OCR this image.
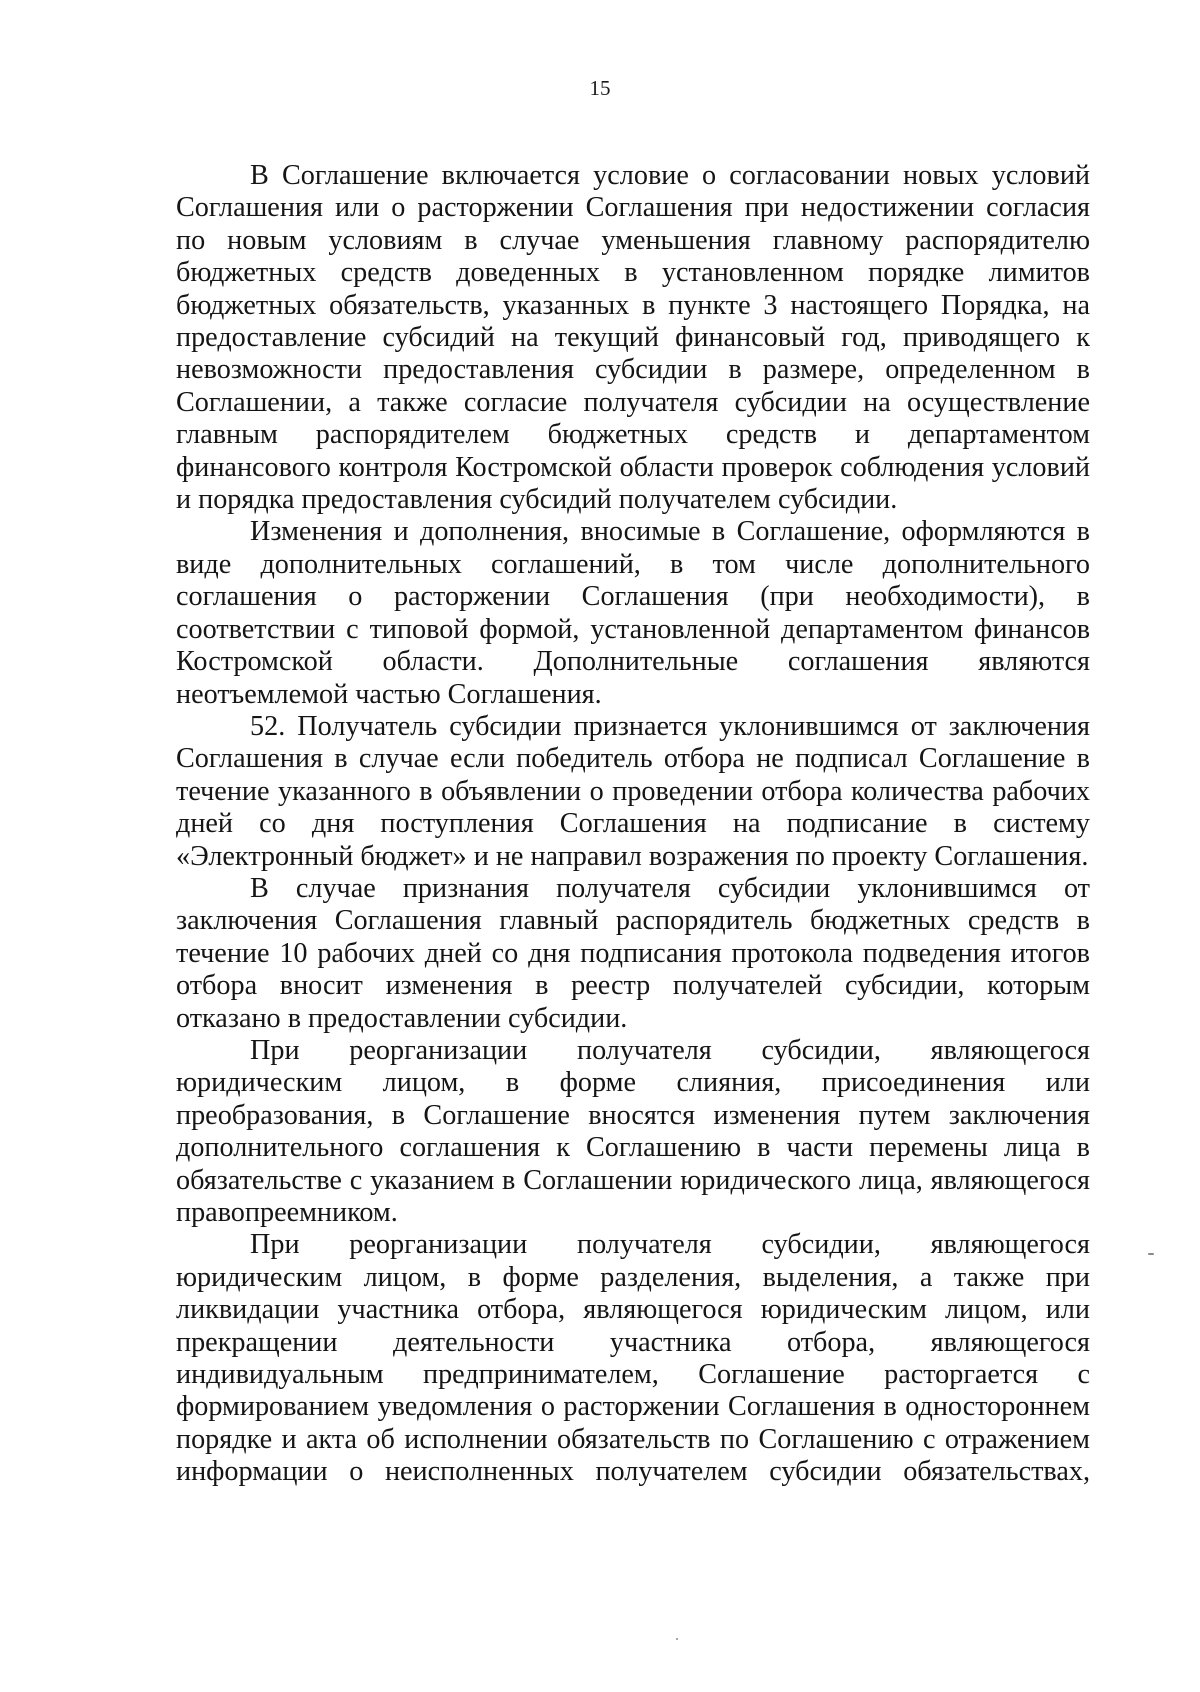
15

В Соглашение включается условие о согласовании новых условий Соглашения или о расторжении Соглашения при недостижении согласия по новым условиям в случае уменьшения главному распорядителю бюджетных средств доведенных в установленном порядке лимитов бюджетных обязательств, указанных в пункте 3 настоящего Порядка, на предоставление субсидий на текущий финансовый год, приводящего к невозможности предоставления субсидии в размере, определенном в Соглашении, а также согласие получателя субсидии на осуществление главным распорядителем бюджетных средств и департаментом финансового контроля Костромской области проверок соблюдения условий и порядка предоставления субсидий получателем субсидии.

Изменения и дополнения, вносимые в Соглашение, оформляются в виде дополнительных соглашений, в том числе дополнительного соглашения о расторжении Соглашения (при необходимости), в соответствии с типовой формой, установленной департаментом финансов Костромской области. Дополнительные соглашения являются неотъемлемой частью Соглашения.

52. Получатель субсидии признается уклонившимся от заключения Соглашения в случае если победитель отбора не подписал Соглашение в течение указанного в объявлении о проведении отбора количества рабочих дней со дня поступления Соглашения на подписание в систему «Электронный бюджет» и не направил возражения по проекту Соглашения.

В случае признания получателя субсидии уклонившимся от заключения Соглашения главный распорядитель бюджетных средств в течение 10 рабочих дней со дня подписания протокола подведения итогов отбора вносит изменения в реестр получателей субсидии, которым отказано в предоставлении субсидии.

При реорганизации получателя субсидии, являющегося юридическим лицом, в форме слияния, присоединения или преобразования, в Соглашение вносятся изменения путем заключения дополнительного соглашения к Соглашению в части перемены лица в обязательстве с указанием в Соглашении юридического лица, являющегося правопреемником.

При реорганизации получателя субсидии, являющегося юридическим лицом, в форме разделения, выделения, а также при ликвидации участника отбора, являющегося юридическим лицом, или прекращении деятельности участника отбора, являющегося индивидуальным предпринимателем, Соглашение расторгается с формированием уведомления о расторжении Соглашения в одностороннем порядке и акта об исполнении обязательств по Соглашению с отражением информации о неисполненных получателем субсидии обязательствах,
